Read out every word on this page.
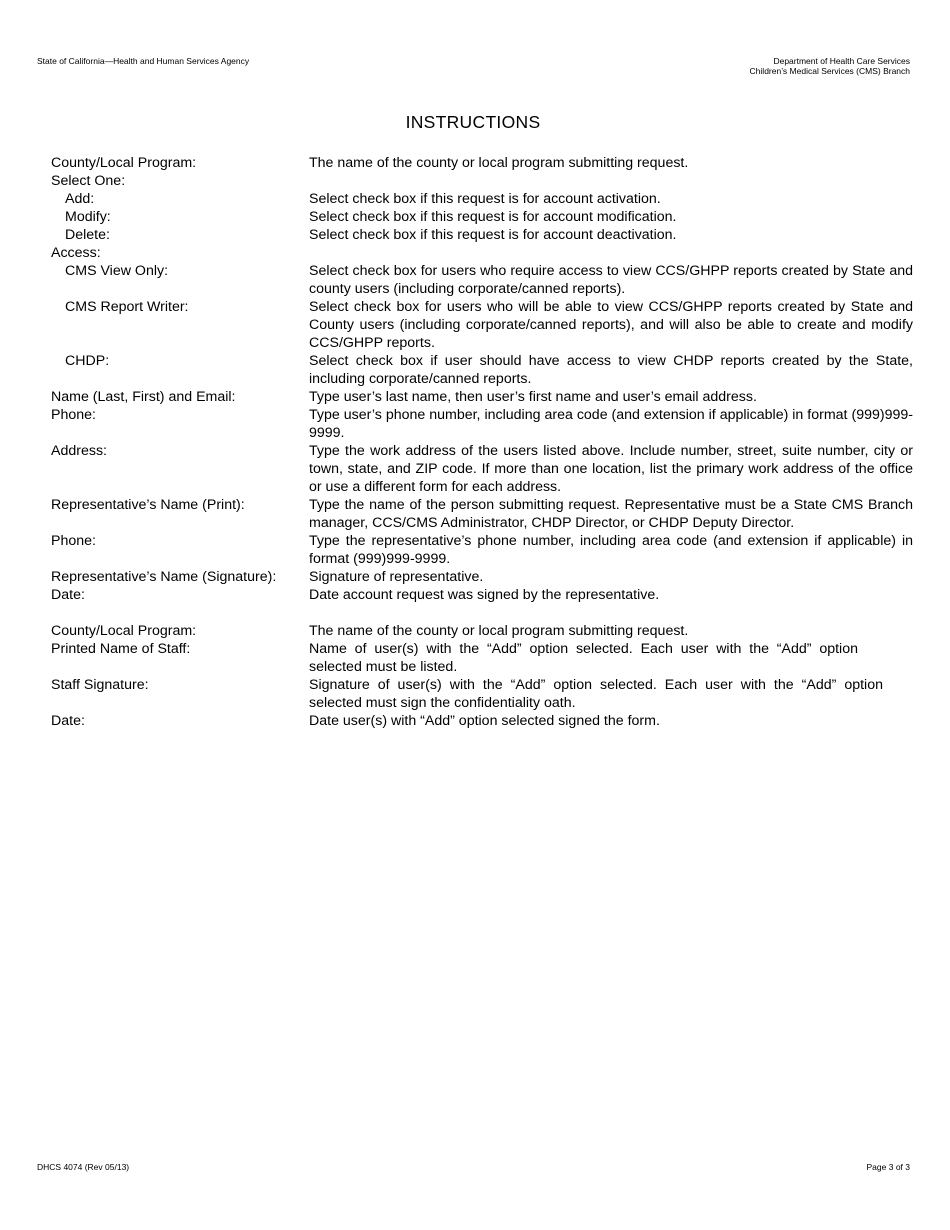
State of California—Health and Human Services Agency	Department of Health Care Services
Children’s Medical Services (CMS) Branch
INSTRUCTIONS
County/Local Program:	The name of the county or local program submitting request.
Select One:
Add:	Select check box if this request is for account activation.
Modify:	Select check box if this request is for account modification.
Delete:	Select check box if this request is for account deactivation.
Access:
CMS View Only:	Select check box for users who require access to view CCS/GHPP reports created by State and county users (including corporate/canned reports).
CMS Report Writer:	Select check box for users who will be able to view CCS/GHPP reports created by State and County users (including corporate/canned reports), and will also be able to create and modify CCS/GHPP reports.
CHDP:	Select check box if user should have access to view CHDP reports created by the State, including corporate/canned reports.
Name (Last, First) and Email:	Type user’s last name, then user’s first name and user’s email address.
Phone:	Type user’s phone number, including area code (and extension if applicable) in format (999)999-9999.
Address:	Type the work address of the users listed above. Include number, street, suite number, city or town, state, and ZIP code. If more than one location, list the primary work address of the office or use a different form for each address.
Representative’s Name (Print):	Type the name of the person submitting request. Representative must be a State CMS Branch manager, CCS/CMS Administrator, CHDP Director, or CHDP Deputy Director.
Phone:	Type the representative’s phone number, including area code (and extension if applicable) in format (999)999-9999.
Representative’s Name (Signature):	Signature of representative.
Date:	Date account request was signed by the representative.
County/Local Program:	The name of the county or local program submitting request.
Printed Name of Staff:	Name of user(s) with the “Add” option selected. Each user with the “Add” option selected must be listed.
Staff Signature:	Signature of user(s) with the “Add” option selected. Each user with the “Add” option selected must sign the confidentiality oath.
Date:	Date user(s) with “Add” option selected signed the form.
DHCS 4074 (Rev 05/13)	Page 3 of 3
